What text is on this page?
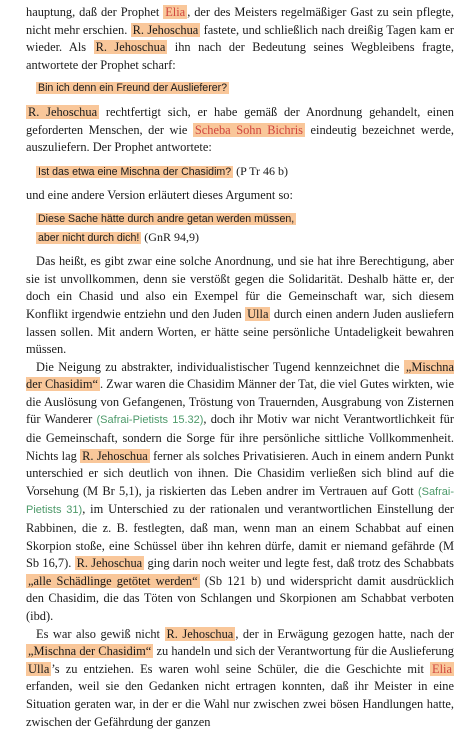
hauptung, daß der Prophet Elia , der des Meisters regelmäßiger Gast zu sein pflegte, nicht mehr erschien. R. Jehoschua fastete, und schließlich nach dreißig Tagen kam er wieder. Als R. Jehoschua ihn nach der Bedeutung seines Wegbleibens fragte, antwortete der Prophet scharf:

Bin ich denn ein Freund der Auslieferer?

R. Jehoschua rechtfertigt sich, er habe gemäß der Anordnung gehandelt, einen geforderten Menschen, der wie Scheba Sohn Bichris eindeutig bezeichnet werde, auszuliefern. Der Prophet antwortete:

Ist das etwa eine Mischna der Chasidim? (P Tr 46 b)

und eine andere Version erläutert dieses Argument so:

Diese Sache hätte durch andre getan werden müssen,
aber nicht durch dich! (GnR 94,9)

Das heißt, es gibt zwar eine solche Anordnung, und sie hat ihre Berechtigung, aber sie ist unvollkommen, denn sie verstößt gegen die Solidarität. Deshalb hätte er, der doch ein Chasid und also ein Exempel für die Gemeinschaft war, sich diesem Konflikt irgendwie entziehn und den Juden Ulla durch einen andern Juden ausliefern lassen sollen. Mit andern Worten, er hätte seine persönliche Untadeligkeit bewahren müssen.

Die Neigung zu abstrakter, individualistischer Tugend kennzeichnet die „Mischna der Chasidim“ . Zwar waren die Chasidim Männer der Tat, die viel Gutes wirkten, wie die Auslösung von Gefangenen, Tröstung von Trauernden, Ausgrabung von Zisternen für Wanderer (Safrai-Pietists 15.32), doch ihr Motiv war nicht Verantwortlichkeit für die Gemeinschaft, sondern die Sorge für ihre persönliche sittliche Vollkommenheit. Nichts lag R. Jehoschua ferner als solches Privatisieren. Auch in einem andern Punkt unterschied er sich deutlich von ihnen. Die Chasidim verließen sich blind auf die Vorsehung (M Br 5,1), ja riskierten das Leben andrer im Vertrauen auf Gott (Safrai-Pietists 31), im Unterschied zu der rationalen und verantwortlichen Einstellung der Rabbinen, die z. B. festlegten, daß man, wenn man an einem Schabbat auf einen Skorpion stoße, eine Schüssel über ihn kehren dürfe, damit er niemand gefährde (M Sb 16,7). R. Jehoschua ging darin noch weiter und legte fest, daß trotz des Schabbats „alle Schädlinge getötet werden“ (Sb 121 b) und widerspricht damit ausdrücklich den Chasidim, die das Töten von Schlangen und Skorpionen am Schabbat verboten (ibd).

Es war also gewiß nicht R. Jehoschua , der in Erwägung gezogen hatte, nach der „Mischna der Chasidim“ zu handeln und sich der Verantwortung für die Auslieferung Ulla ’s zu entziehen. Es waren wohl seine Schüler, die die Geschichte mit Elia erfanden, weil sie den Gedanken nicht ertragen konnten, daß ihr Meister in eine Situation geraten war, in der er die Wahl nur zwischen zwei bösen Handlungen hatte, zwischen der Gefährdung der ganzen
